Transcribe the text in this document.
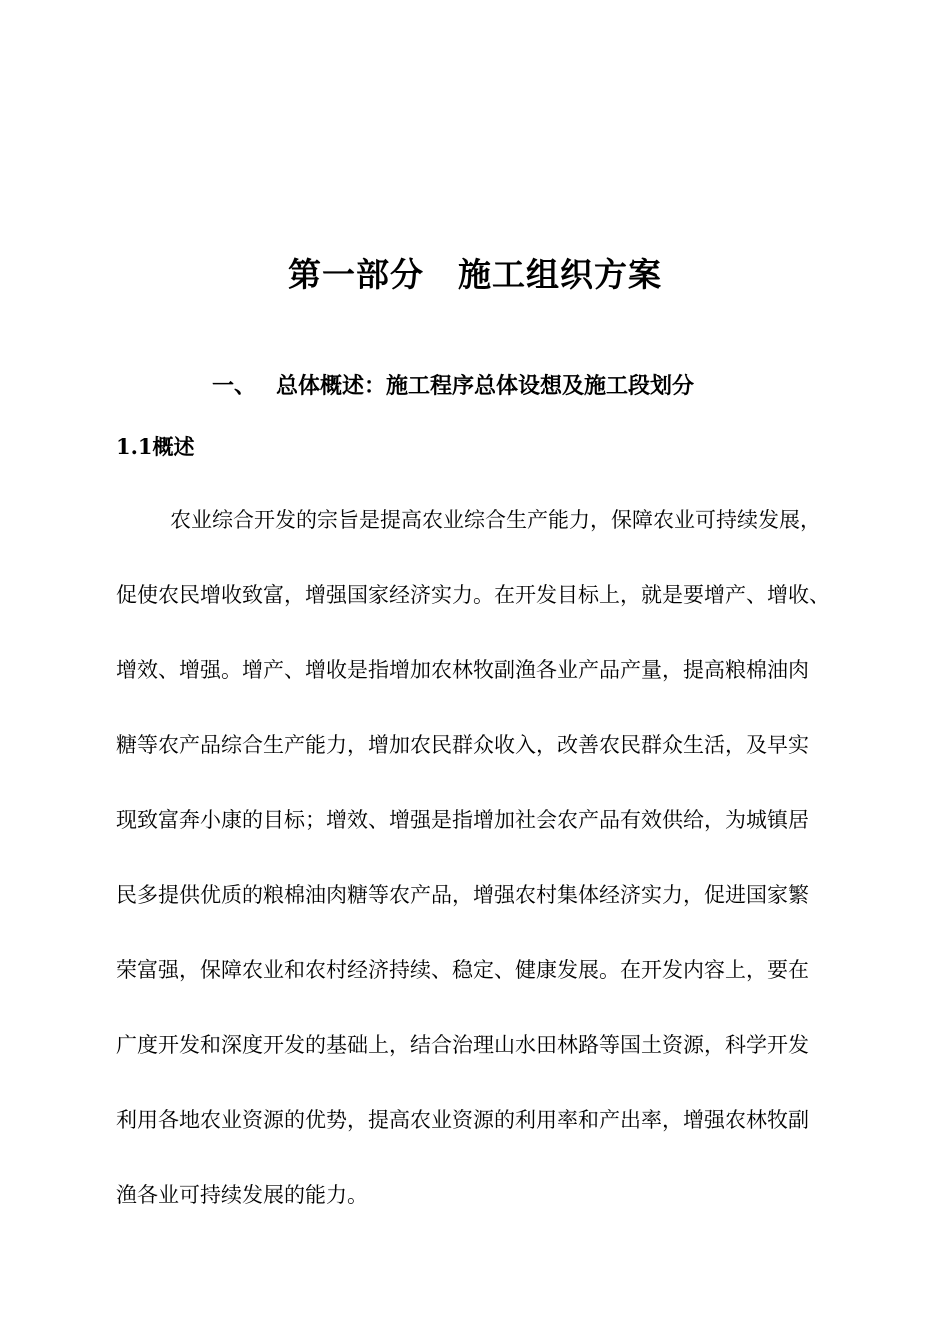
第一部分　施工组织方案
一、 总体概述：施工程序总体设想及施工段划分
1.1概述
农业综合开发的宗旨是提高农业综合生产能力，保障农业可持续发展，
促使农民增收致富，增强国家经济实力。在开发目标上，就是要增产、增收、
增效、增强。增产、增收是指增加农林牧副渔各业产品产量，提高粮棉油肉
糖等农产品综合生产能力，增加农民群众收入，改善农民群众生活，及早实
现致富奔小康的目标；增效、增强是指增加社会农产品有效供给，为城镇居
民多提供优质的粮棉油肉糖等农产品，增强农村集体经济实力，促进国家繁
荣富强，保障农业和农村经济持续、稳定、健康发展。在开发内容上，要在
广度开发和深度开发的基础上，结合治理山水田林路等国土资源，科学开发
利用各地农业资源的优势，提高农业资源的利用率和产出率，增强农林牧副
渔各业可持续发展的能力。
